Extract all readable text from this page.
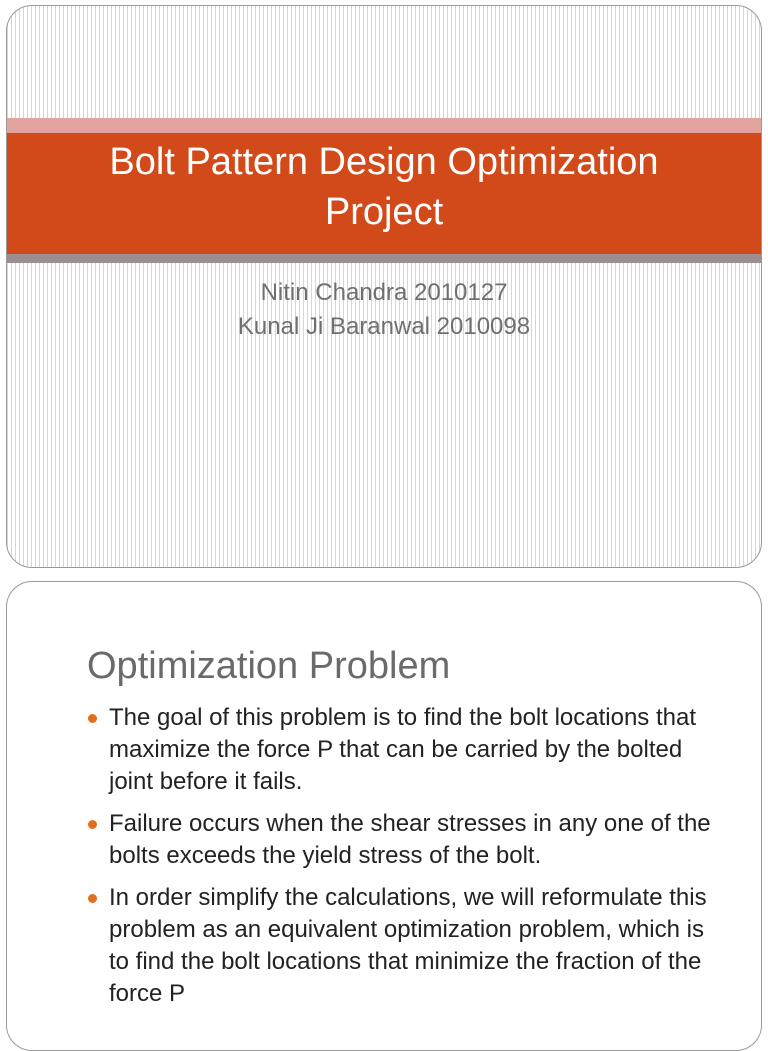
Bolt Pattern Design Optimization
Project
Nitin Chandra 2010127
Kunal Ji Baranwal 2010098
Optimization Problem
The goal of this problem is to find the bolt locations that maximize the force P that can be carried by the bolted joint before it fails.
Failure occurs when the shear stresses in any one of the bolts exceeds the yield stress of the bolt.
In order simplify the calculations, we will reformulate this problem as an equivalent optimization problem, which is to find the bolt locations that minimize the fraction of the force P
